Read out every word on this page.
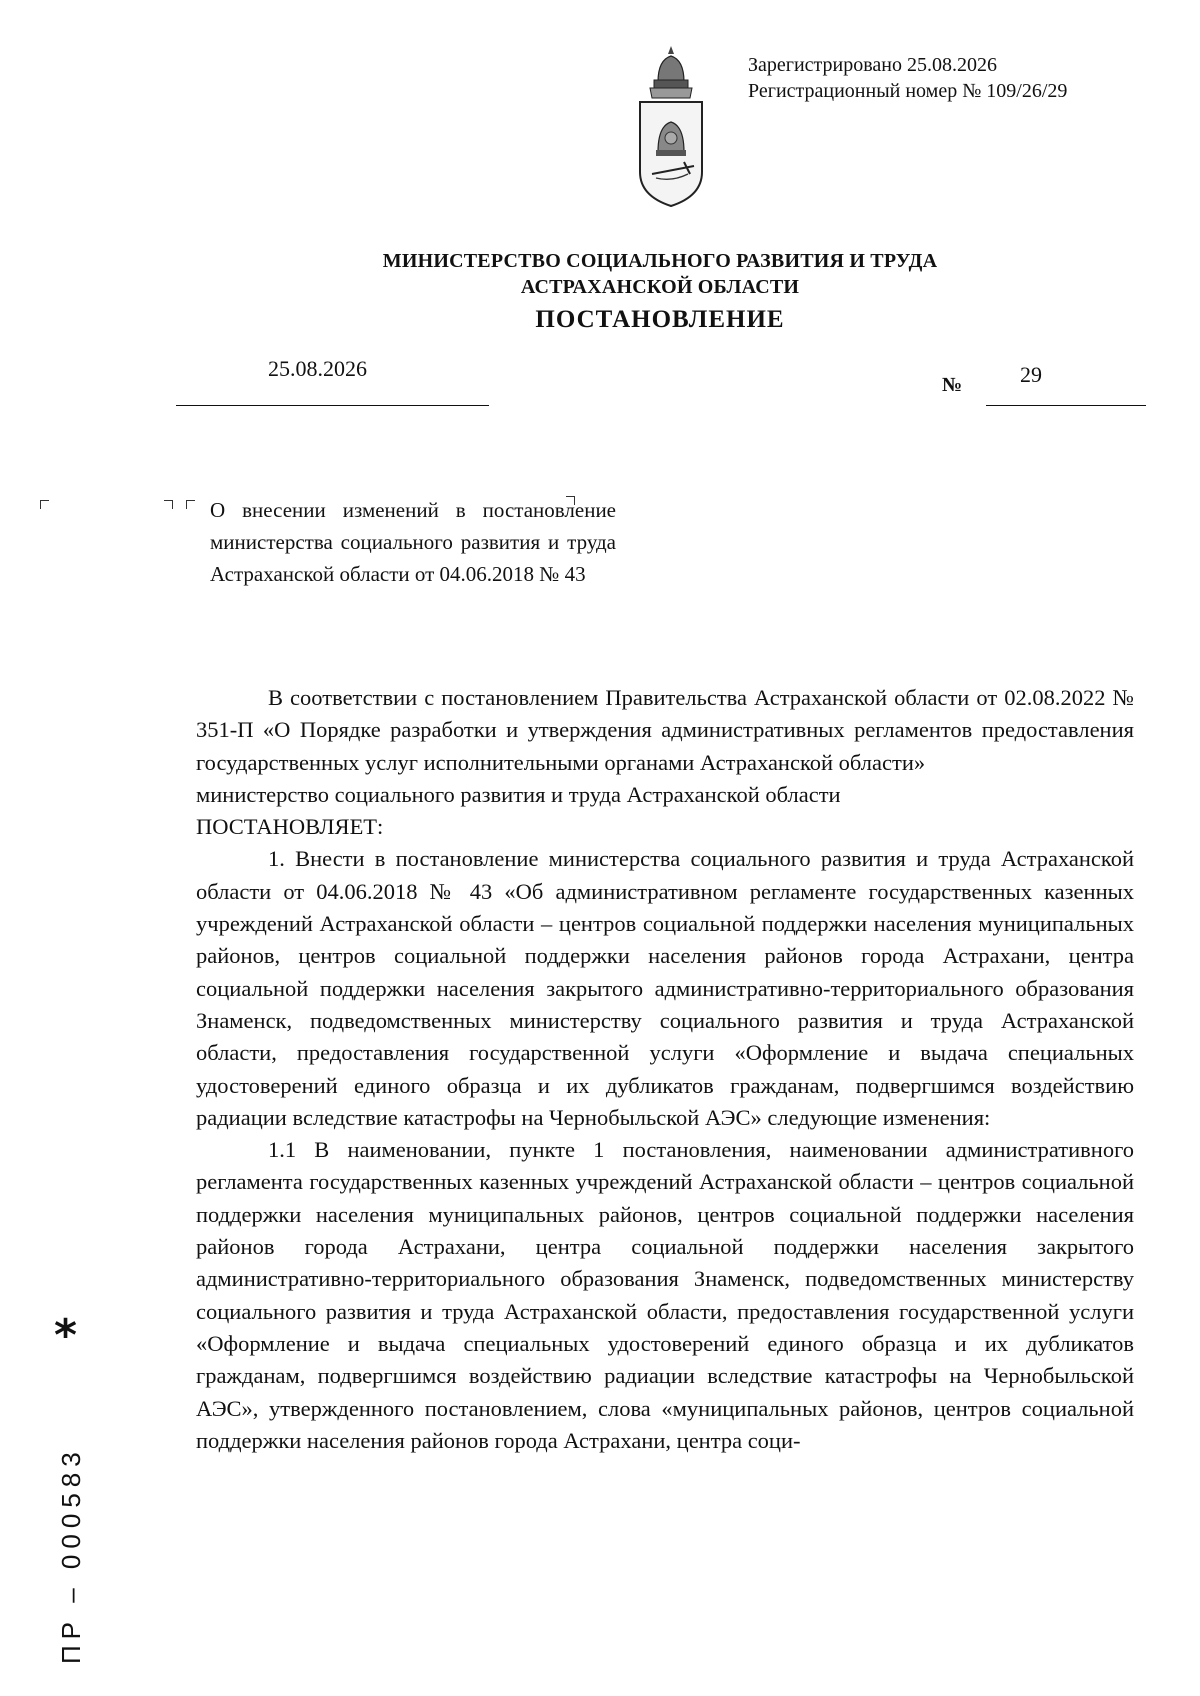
Зарегистрировано 25.08.2026
Регистрационный номер № 109/26/29
МИНИСТЕРСТВО СОЦИАЛЬНОГО РАЗВИТИЯ И ТРУДА
АСТРАХАНСКОЙ ОБЛАСТИ
ПОСТАНОВЛЕНИЕ
25.08.2026
№	29
О внесении изменений в постановление министерства социального развития и труда Астраханской области от 04.06.2018 № 43

В соответствии с постановлением Правительства Астраханской области от 02.08.2022 № 351-П «О Порядке разработки и утверждения административных регламентов предоставления государственных услуг исполнительными органами Астраханской области»

министерство социального развития и труда Астраханской области

ПОСТАНОВЛЯЕТ:

1. Внести в постановление министерства социального развития и труда Астраханской области от 04.06.2018 № 43 «Об административном регламенте государственных казенных учреждений Астраханской области – центров социальной поддержки населения муниципальных районов, центров социальной поддержки населения районов города Астрахани, центра социальной поддержки населения закрытого административно-территориального образования Знаменск, подведомственных министерству социального развития и труда Астраханской области, предоставления государственной услуги «Оформление и выдача специальных удостоверений единого образца и их дубликатов гражданам, подвергшимся воздействию радиации вследствие катастрофы на Чернобыльской АЭС» следующие изменения:

1.1 В наименовании, пункте 1 постановления, наименовании административного регламента государственных казенных учреждений Астраханской области – центров социальной поддержки населения муниципальных районов, центров социальной поддержки населения районов города Астрахани, центра социальной поддержки населения закрытого административно-территориального образования Знаменск, подведомственных министерству социального развития и труда Астраханской области, предоставления государственной услуги «Оформление и выдача специальных удостоверений единого образца и их дубликатов гражданам, подвергшимся воздействию радиации вследствие катастрофы на Чернобыльской АЭС», утвержденного постановлением, слова «муниципальных районов, центров социальной поддержки населения районов города Астрахани, центра соци-

*
ПР – 000583
